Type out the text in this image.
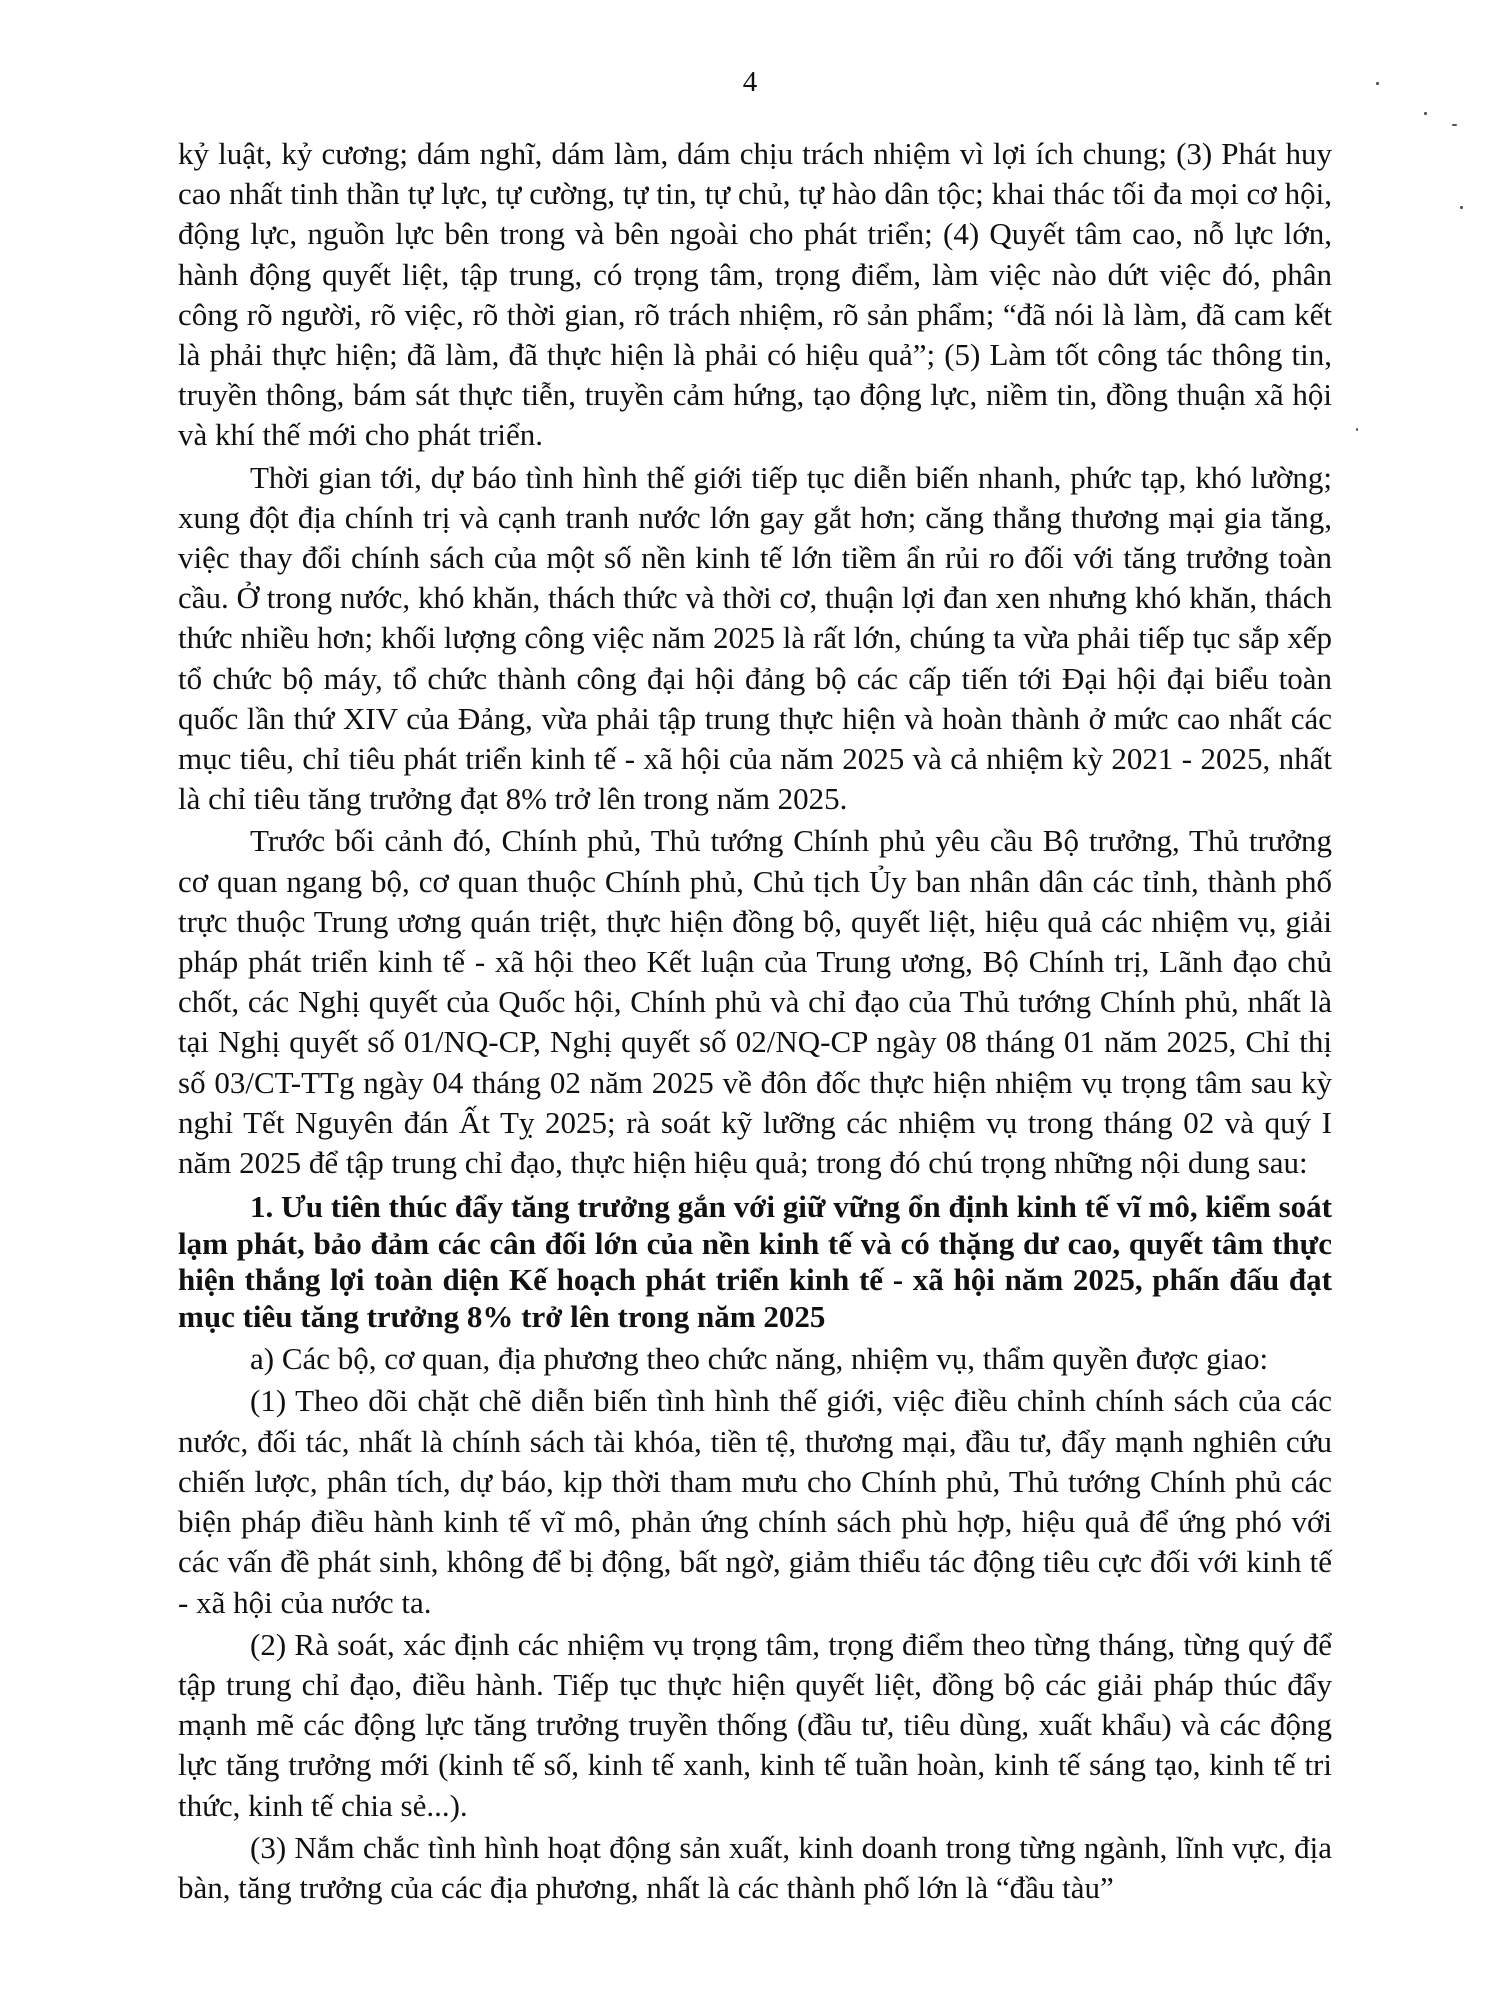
4

kỷ luật, kỷ cương; dám nghĩ, dám làm, dám chịu trách nhiệm vì lợi ích chung; (3) Phát huy cao nhất tinh thần tự lực, tự cường, tự tin, tự chủ, tự hào dân tộc; khai thác tối đa mọi cơ hội, động lực, nguồn lực bên trong và bên ngoài cho phát triển; (4) Quyết tâm cao, nỗ lực lớn, hành động quyết liệt, tập trung, có trọng tâm, trọng điểm, làm việc nào dứt việc đó, phân công rõ người, rõ việc, rõ thời gian, rõ trách nhiệm, rõ sản phẩm; “đã nói là làm, đã cam kết là phải thực hiện; đã làm, đã thực hiện là phải có hiệu quả”; (5) Làm tốt công tác thông tin, truyền thông, bám sát thực tiễn, truyền cảm hứng, tạo động lực, niềm tin, đồng thuận xã hội và khí thế mới cho phát triển.

Thời gian tới, dự báo tình hình thế giới tiếp tục diễn biến nhanh, phức tạp, khó lường; xung đột địa chính trị và cạnh tranh nước lớn gay gắt hơn; căng thẳng thương mại gia tăng, việc thay đổi chính sách của một số nền kinh tế lớn tiềm ẩn rủi ro đối với tăng trưởng toàn cầu. Ở trong nước, khó khăn, thách thức và thời cơ, thuận lợi đan xen nhưng khó khăn, thách thức nhiều hơn; khối lượng công việc năm 2025 là rất lớn, chúng ta vừa phải tiếp tục sắp xếp tổ chức bộ máy, tổ chức thành công đại hội đảng bộ các cấp tiến tới Đại hội đại biểu toàn quốc lần thứ XIV của Đảng, vừa phải tập trung thực hiện và hoàn thành ở mức cao nhất các mục tiêu, chỉ tiêu phát triển kinh tế - xã hội của năm 2025 và cả nhiệm kỳ 2021 - 2025, nhất là chỉ tiêu tăng trưởng đạt 8% trở lên trong năm 2025.

Trước bối cảnh đó, Chính phủ, Thủ tướng Chính phủ yêu cầu Bộ trưởng, Thủ trưởng cơ quan ngang bộ, cơ quan thuộc Chính phủ, Chủ tịch Ủy ban nhân dân các tỉnh, thành phố trực thuộc Trung ương quán triệt, thực hiện đồng bộ, quyết liệt, hiệu quả các nhiệm vụ, giải pháp phát triển kinh tế - xã hội theo Kết luận của Trung ương, Bộ Chính trị, Lãnh đạo chủ chốt, các Nghị quyết của Quốc hội, Chính phủ và chỉ đạo của Thủ tướng Chính phủ, nhất là tại Nghị quyết số 01/NQ-CP, Nghị quyết số 02/NQ-CP ngày 08 tháng 01 năm 2025, Chỉ thị số 03/CT-TTg ngày 04 tháng 02 năm 2025 về đôn đốc thực hiện nhiệm vụ trọng tâm sau kỳ nghỉ Tết Nguyên đán Ất Tỵ 2025; rà soát kỹ lưỡng các nhiệm vụ trong tháng 02 và quý I năm 2025 để tập trung chỉ đạo, thực hiện hiệu quả; trong đó chú trọng những nội dung sau:

1. Ưu tiên thúc đẩy tăng trưởng gắn với giữ vững ổn định kinh tế vĩ mô, kiểm soát lạm phát, bảo đảm các cân đối lớn của nền kinh tế và có thặng dư cao, quyết tâm thực hiện thắng lợi toàn diện Kế hoạch phát triển kinh tế - xã hội năm 2025, phấn đấu đạt mục tiêu tăng trưởng 8% trở lên trong năm 2025

a) Các bộ, cơ quan, địa phương theo chức năng, nhiệm vụ, thẩm quyền được giao:

(1) Theo dõi chặt chẽ diễn biến tình hình thế giới, việc điều chỉnh chính sách của các nước, đối tác, nhất là chính sách tài khóa, tiền tệ, thương mại, đầu tư, đẩy mạnh nghiên cứu chiến lược, phân tích, dự báo, kịp thời tham mưu cho Chính phủ, Thủ tướng Chính phủ các biện pháp điều hành kinh tế vĩ mô, phản ứng chính sách phù hợp, hiệu quả để ứng phó với các vấn đề phát sinh, không để bị động, bất ngờ, giảm thiểu tác động tiêu cực đối với kinh tế - xã hội của nước ta.

(2) Rà soát, xác định các nhiệm vụ trọng tâm, trọng điểm theo từng tháng, từng quý để tập trung chỉ đạo, điều hành. Tiếp tục thực hiện quyết liệt, đồng bộ các giải pháp thúc đẩy mạnh mẽ các động lực tăng trưởng truyền thống (đầu tư, tiêu dùng, xuất khẩu) và các động lực tăng trưởng mới (kinh tế số, kinh tế xanh, kinh tế tuần hoàn, kinh tế sáng tạo, kinh tế tri thức, kinh tế chia sẻ...).

(3) Nắm chắc tình hình hoạt động sản xuất, kinh doanh trong từng ngành, lĩnh vực, địa bàn, tăng trưởng của các địa phương, nhất là các thành phố lớn là “đầu tàu”
